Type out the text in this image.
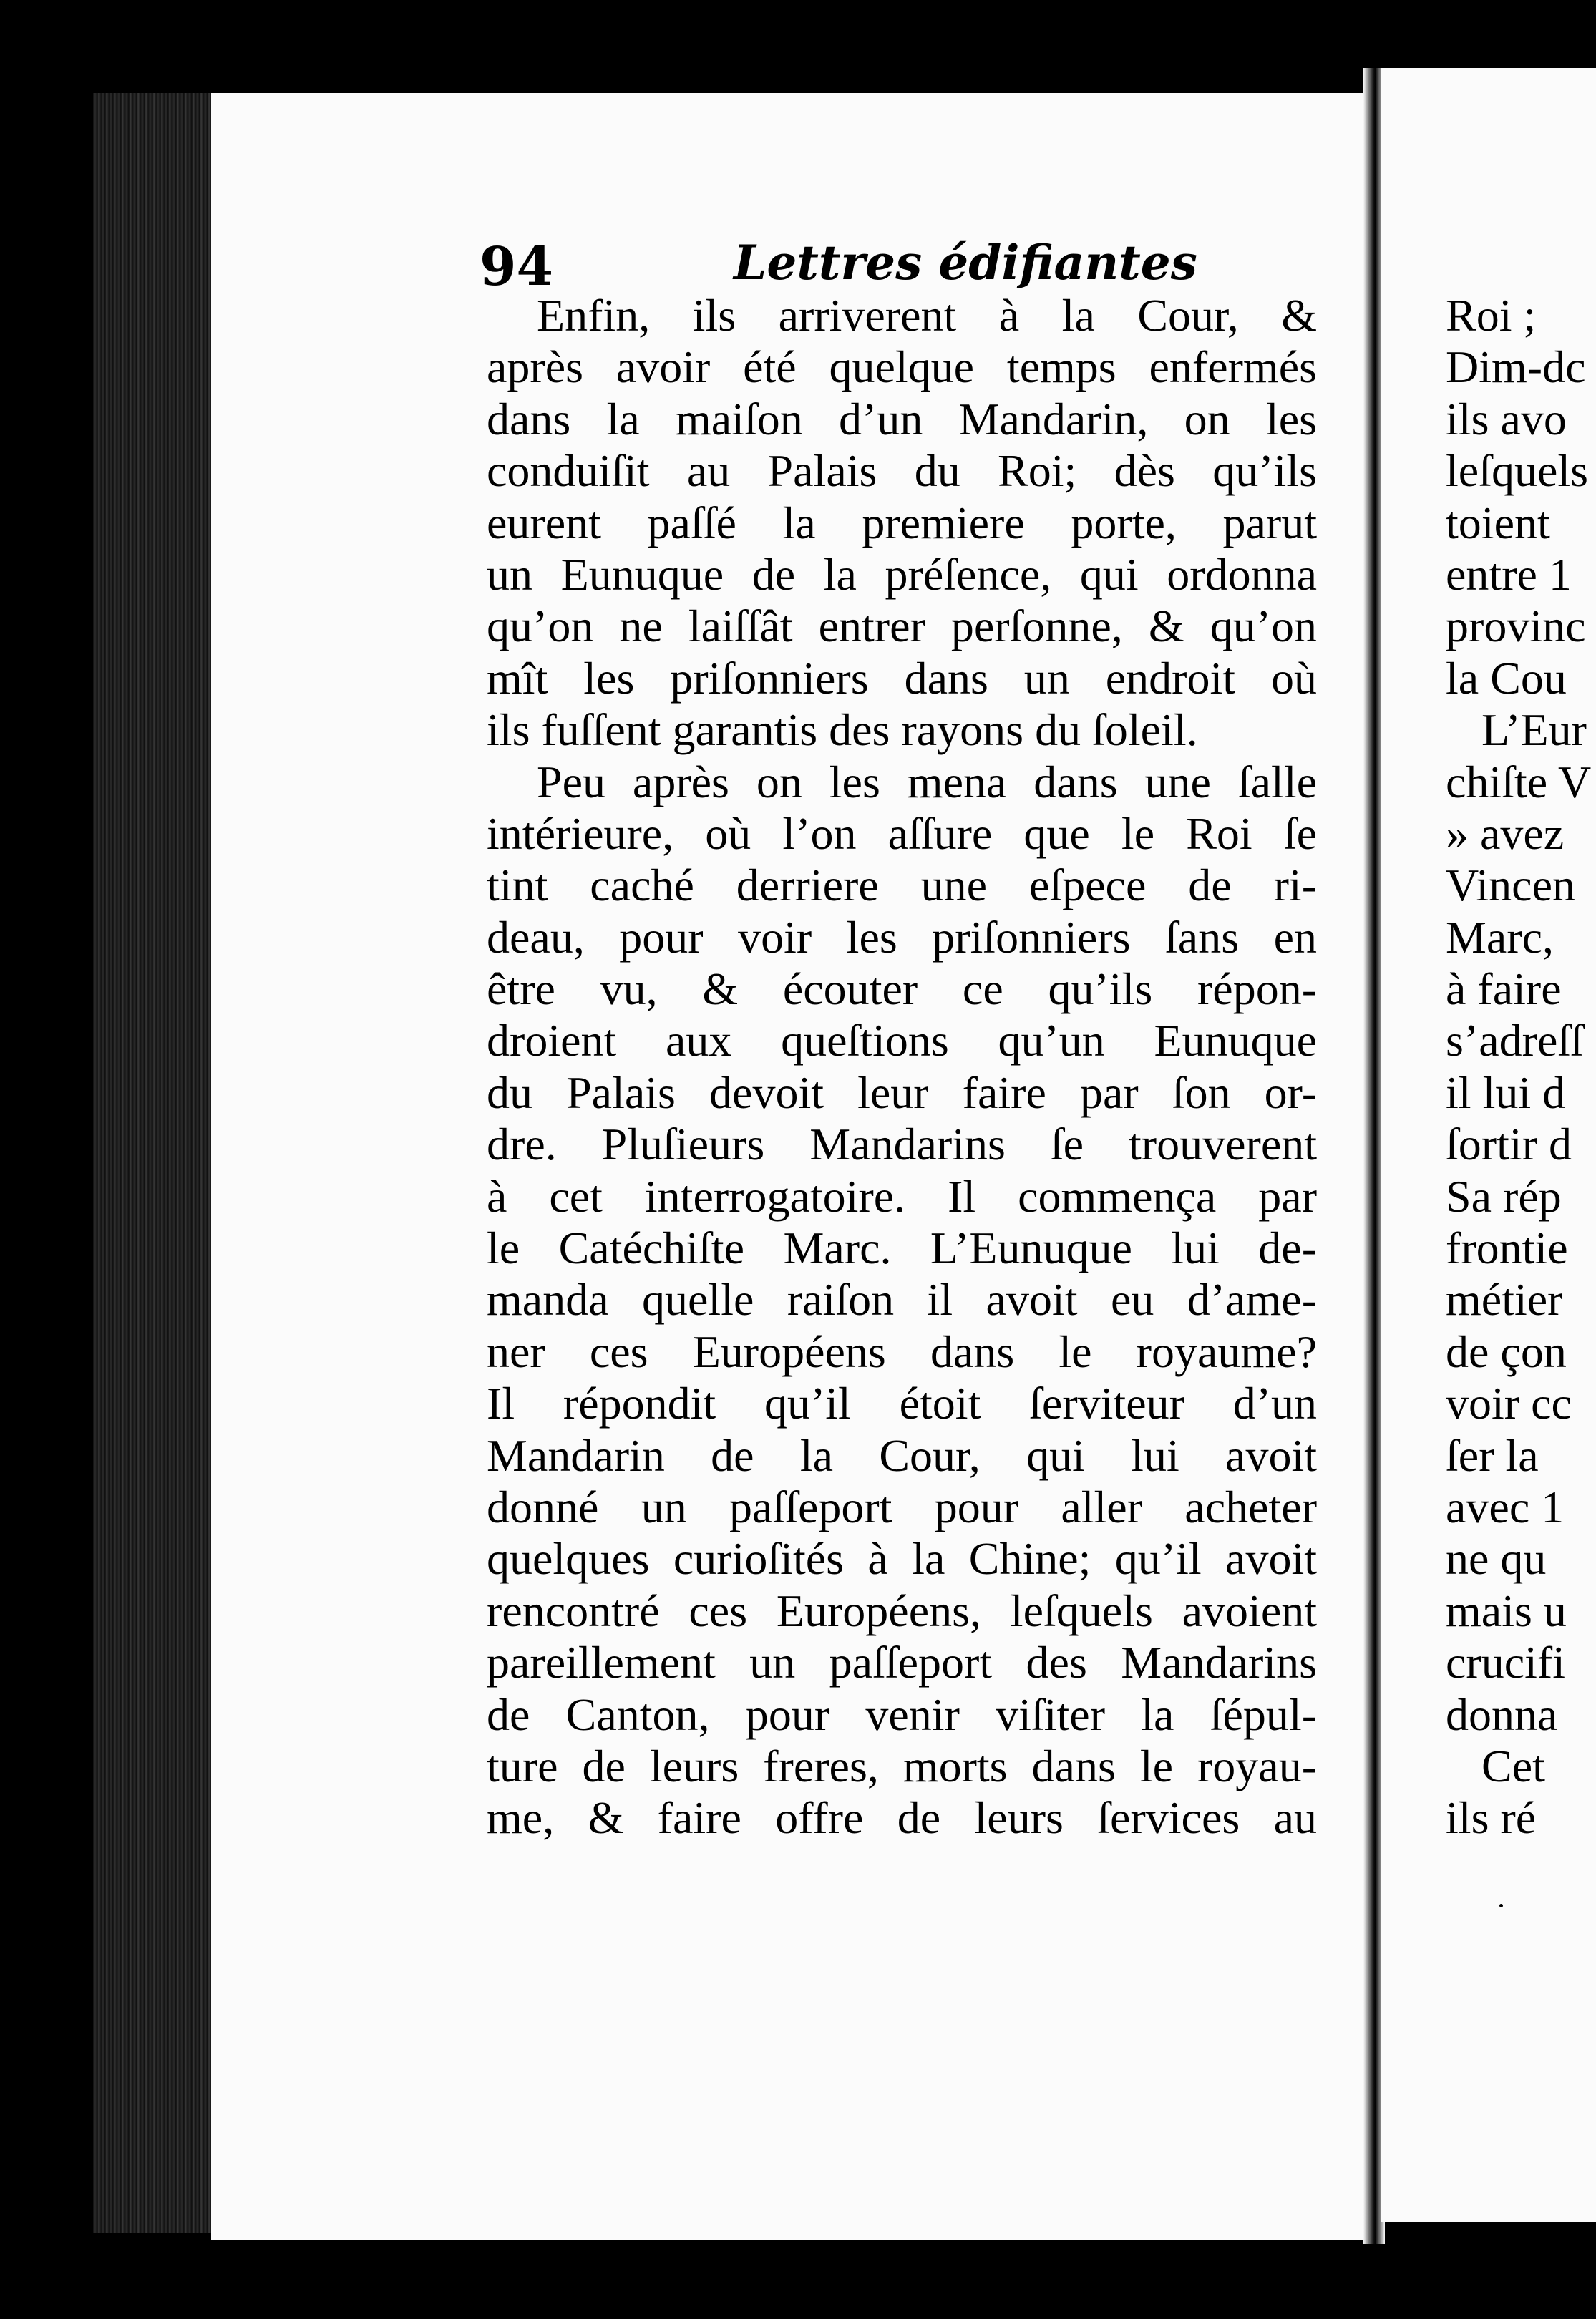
94	Lettres édifiantes
Enfin, ils arriverent à la Cour, &
après avoir été quelque temps enfermés
dans la maiſon d’un Mandarin, on les
conduiſit au Palais du Roi; dès qu’ils
eurent paſſé la premiere porte, parut
un Eunuque de la préſence, qui ordonna
qu’on ne laiſſât entrer perſonne, & qu’on
mît les priſonniers dans un endroit où
ils fuſſent garantis des rayons du ſoleil.
Peu après on les mena dans une ſalle
intérieure, où l’on aſſure que le Roi ſe
tint caché derriere une eſpece de ri-
deau, pour voir les priſonniers ſans en
être vu, & écouter ce qu’ils répon-
droient aux queſtions qu’un Eunuque
du Palais devoit leur faire par ſon or-
dre. Pluſieurs Mandarins ſe trouverent
à cet interrogatoire. Il commença par
le Catéchiſte Marc. L’Eunuque lui de-
manda quelle raiſon il avoit eu d’ame-
ner ces Européens dans le royaume?
Il répondit qu’il étoit ſerviteur d’un
Mandarin de la Cour, qui lui avoit
donné un paſſeport pour aller acheter
quelques curioſités à la Chine; qu’il avoit
rencontré ces Européens, leſquels avoient
pareillement un paſſeport des Mandarins
de Canton, pour venir viſiter la ſépul-
ture de leurs freres, morts dans le royau-
me, & faire offre de leurs ſervices au
Roi ;
Dim-dc
ils avo
leſquels
toient
entre 1
provinc
la Cou
L’Eur
chiſte V
» avez
Vincen
Marc,
à faire
s’adreſſ
il lui d
ſortir d
Sa rép
frontie
métier
de çon
voir cc
ſer la
avec 1
ne qu
mais u
crucifi
donna
Cet
ils ré
